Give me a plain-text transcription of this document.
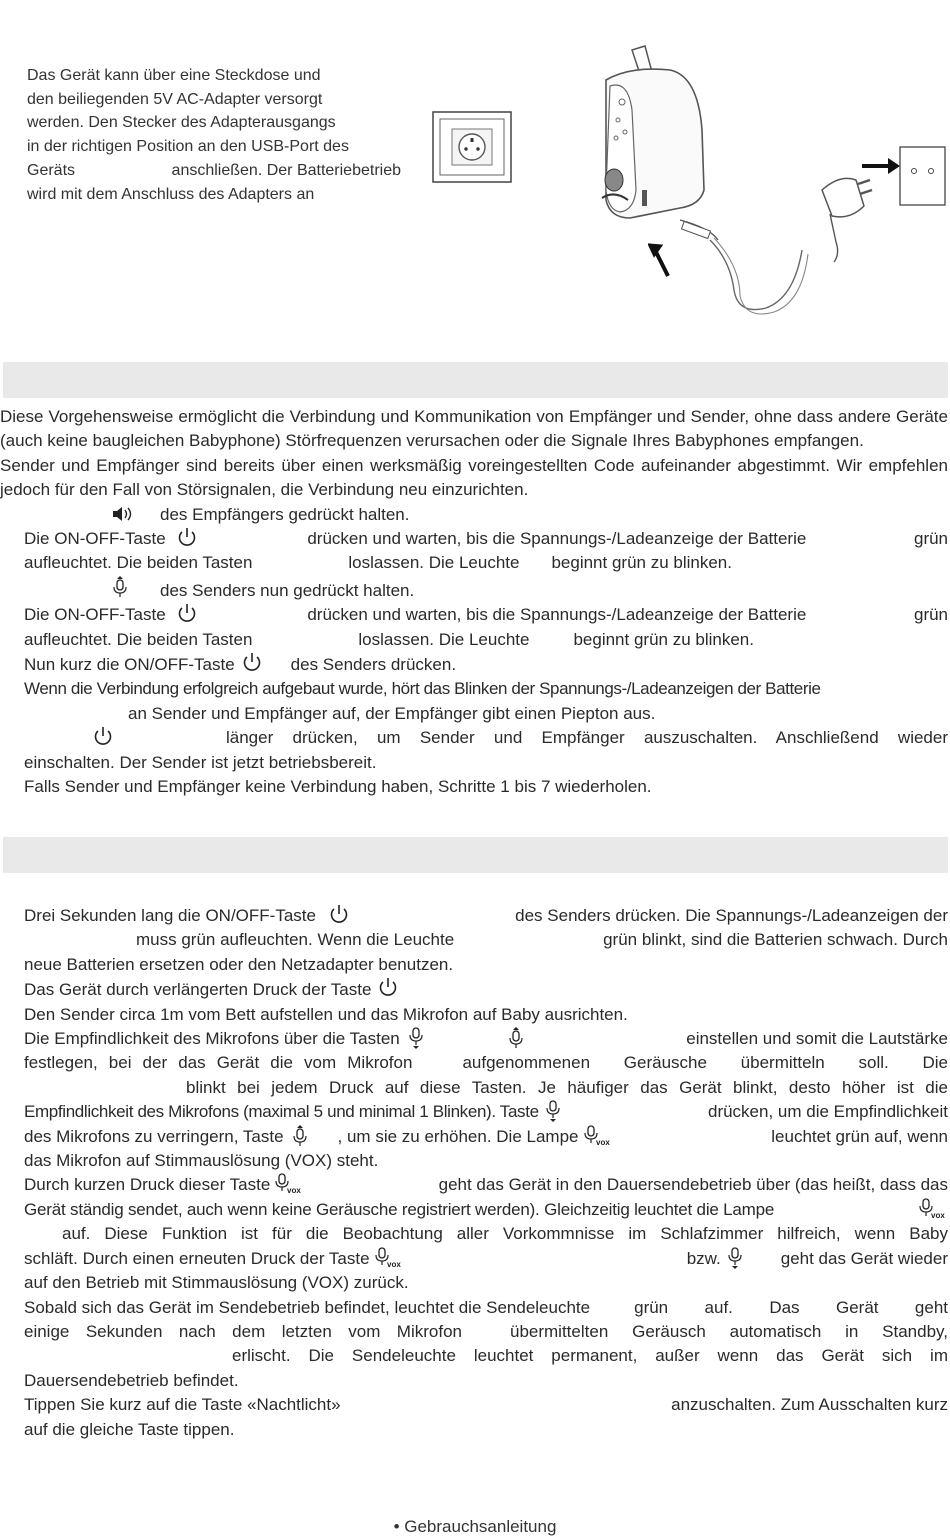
Das Gerät kann über eine Steckdose und
den beiliegenden 5V AC-Adapter versorgt
werden. Den Stecker des Adapterausgangs
in der richtigen Position an den USB-Port des
Geräts	anschließen. Der Batteriebetrieb
wird mit dem Anschluss des Adapters an

Diese Vorgehensweise ermöglicht die Verbindung und Kommunikation von Empfänger und Sender, ohne dass andere Geräte (auch keine baugleichen Babyphone) Störfrequenzen verursachen oder die Signale Ihres Babyphones empfangen.

Sender und Empfänger sind bereits über einen werksmäßig voreingestellten Code aufeinander abgestimmt. Wir empfehlen jedoch für den Fall von Störsignalen, die Verbindung neu einzurichten.

des Empfängers gedrückt halten.

Die ON-OFF-Taste	drücken und warten, bis die Spannungs-/Ladeanzeige der Batterie	grün

aufleuchtet. Die beiden Tasten	loslassen. Die Leuchte beginnt grün zu blinken.

des Senders nun gedrückt halten.

Die ON-OFF-Taste	drücken und warten, bis die Spannungs-/Ladeanzeige der Batterie	grün

aufleuchtet. Die beiden Tasten	loslassen. Die Leuchte	beginnt grün zu blinken.

Nun kurz die ON/OFF-Taste	des Senders drücken.

Wenn die Verbindung erfolgreich aufgebaut wurde, hört das Blinken der Spannungs-/Ladeanzeigen der Batterie

an Sender und Empfänger auf, der Empfänger gibt einen Piepton aus.

länger drücken, um Sender und Empfänger auszuschalten. Anschließend wieder

einschalten. Der Sender ist jetzt betriebsbereit.

Falls Sender und Empfänger keine Verbindung haben, Schritte 1 bis 7 wiederholen.

Drei Sekunden lang die ON/OFF-Taste	des Senders drücken. Die Spannungs-/Ladeanzeigen der

muss grün aufleuchten. Wenn die Leuchte	grün blinkt, sind die Batterien schwach. Durch

neue Batterien ersetzen oder den Netzadapter benutzen.

Das Gerät durch verlängerten Druck der Taste

Den Sender circa 1m vom Bett aufstellen und das Mikrofon auf Baby ausrichten.

Die Empfindlichkeit des Mikrofons über die Tasten	einstellen und somit die Lautstärke

festlegen, bei der das Gerät die vom Mikrofon	aufgenommenen Geräusche übermitteln soll. Die

blinkt bei jedem Druck auf diese Tasten. Je häufiger das Gerät blinkt, desto höher ist die

Empfindlichkeit des Mikrofons (maximal 5 und minimal 1 Blinken). Taste	drücken, um die Empfindlichkeit

des Mikrofons zu verringern, Taste	, um sie zu erhöhen. Die Lampe vox	leuchtet grün auf, wenn

das Mikrofon auf Stimmauslösung (VOX) steht.

Durch kurzen Druck dieser Taste vox	geht das Gerät in den Dauersendebetrieb über (das heißt, dass das

Gerät ständig sendet, auch wenn keine Geräusche registriert werden). Gleichzeitig leuchtet die Lampe	vox

auf. Diese Funktion ist für die Beobachtung aller Vorkommnisse im Schlafzimmer hilfreich, wenn Baby

schläft. Durch einen erneuten Druck der Taste vox	bzw.	geht das Gerät wieder

auf den Betrieb mit Stimmauslösung (VOX) zurück.

Sobald sich das Gerät im Sendebetrieb befindet, leuchtet die Sendeleuchte	grün auf. Das Gerät geht

einige Sekunden nach dem letzten vom Mikrofon	übermittelten Geräusch automatisch in Standby,

erlischt. Die Sendeleuchte leuchtet permanent, außer wenn das Gerät sich im

Dauersendebetrieb befindet.

Tippen Sie kurz auf die Taste «Nachtlicht»	anzuschalten. Zum Ausschalten kurz

auf die gleiche Taste tippen.

• Gebrauchsanleitung
